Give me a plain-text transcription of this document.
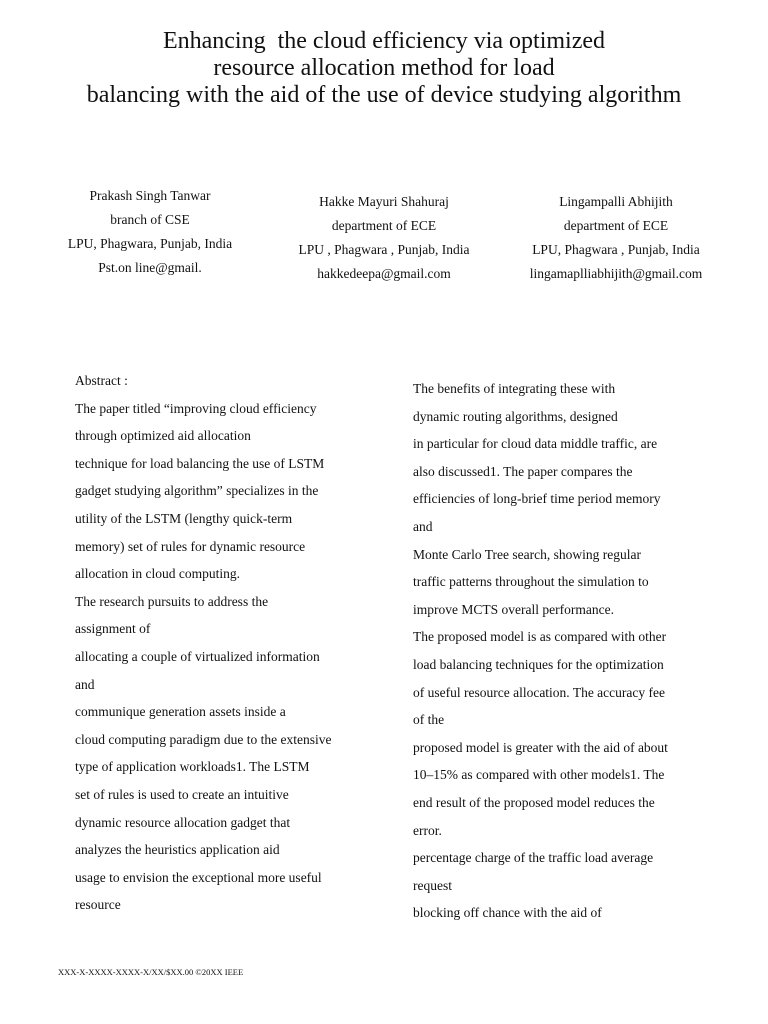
Enhancing  the cloud efficiency via optimized
resource allocation method for load
balancing with the aid of the use of device studying algorithm
Prakash Singh Tanwar
branch of CSE
LPU, Phagwara, Punjab, India
Pst.on line@gmail.
Hakke Mayuri Shahuraj
department of ECE
LPU , Phagwara , Punjab, India
hakkedeepa@gmail.com
Lingampalli Abhijith
department of ECE
LPU, Phagwara , Punjab, India
lingamaplliabhijith@gmail.com
Abstract :
The paper titled “improving cloud efficiency
through optimized aid allocation
technique for load balancing the use of LSTM
gadget studying algorithm” specializes in the
utility of the LSTM (lengthy quick-term
memory) set of rules for dynamic resource
allocation in cloud computing.
The research pursuits to address the
assignment of
allocating a couple of virtualized information
and
communique generation assets inside a
cloud computing paradigm due to the extensive
type of application workloads1. The LSTM
set of rules is used to create an intuitive
dynamic resource allocation gadget that
analyzes the heuristics application aid
usage to envision the exceptional more useful
resource
The benefits of integrating these with
dynamic routing algorithms, designed
in particular for cloud data middle traffic, are
also discussed1. The paper compares the
efficiencies of long-brief time period memory
and
Monte Carlo Tree search, showing regular
traffic patterns throughout the simulation to
improve MCTS overall performance.
The proposed model is as compared with other
load balancing techniques for the optimization
of useful resource allocation. The accuracy fee
of the
proposed model is greater with the aid of about
10–15% as compared with other models1. The
end result of the proposed model reduces the
error.
percentage charge of the traffic load average
request
blocking off chance with the aid of
XXX-X-XXXX-XXXX-X/XX/$XX.00 ©20XX IEEE
